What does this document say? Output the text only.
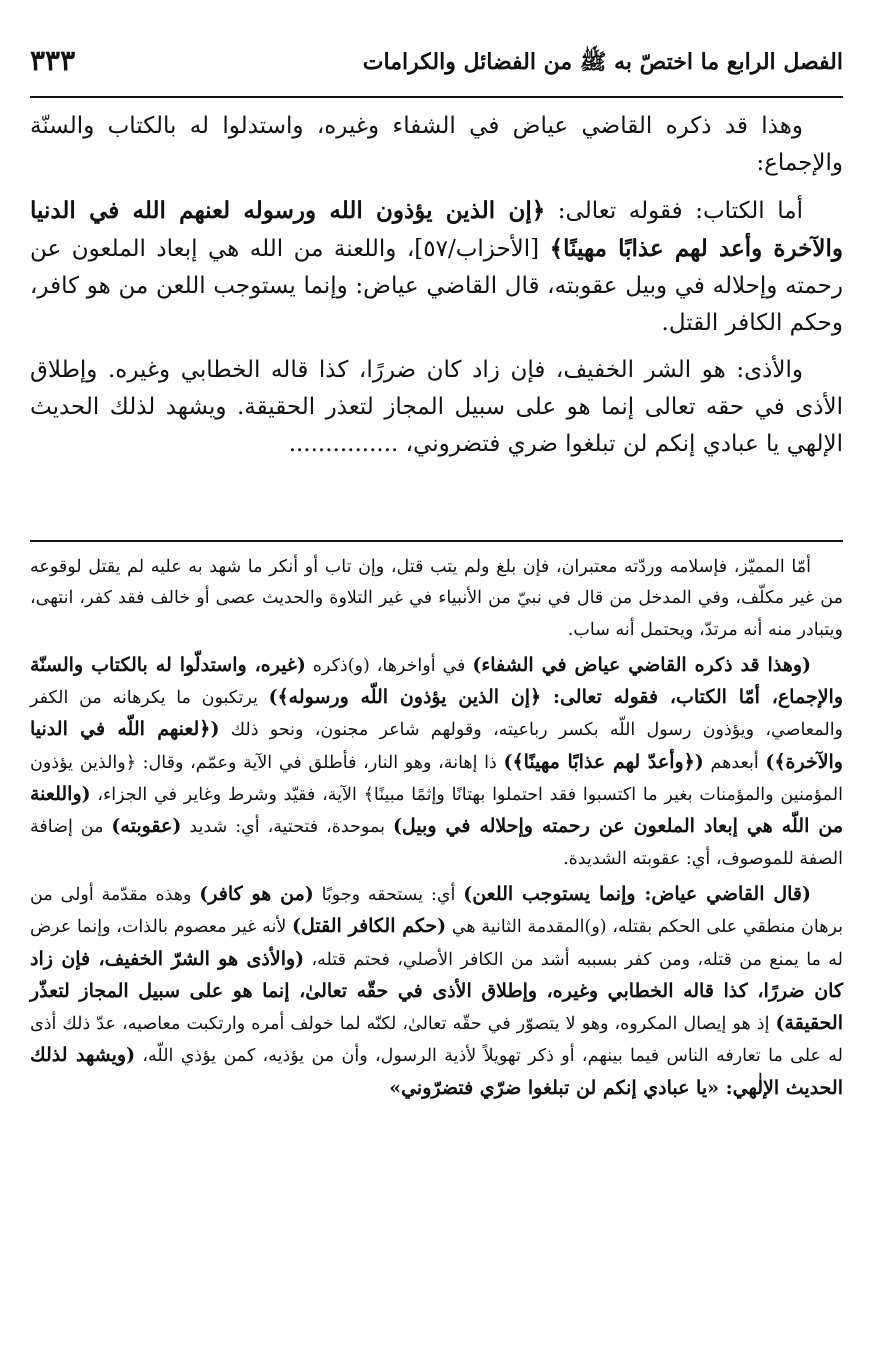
الفصل الرابع ما اختصّ به ﷺ من الفضائل والكرامات
٣٣٣

وهذا قد ذكره القاضي عياض في الشفاء وغيره، واستدلوا له بالكتاب والسنّة والإجماع:

أما الكتاب: فقوله تعالى: ﴿إن الذين يؤذون الله ورسوله لعنهم الله في الدنيا والآخرة وأعد لهم عذابًا مهينًا﴾ [الأحزاب/٥٧]، واللعنة من الله هي إبعاد الملعون عن رحمته وإحلاله في وبيل عقوبته، قال القاضي عياض: وإنما يستوجب اللعن من هو كافر، وحكم الكافر القتل.

والأذى: هو الشر الخفيف، فإن زاد كان ضررًا، كذا قاله الخطابي وغيره. وإطلاق الأذى في حقه تعالى إنما هو على سبيل المجاز لتعذر الحقيقة. ويشهد لذلك الحديث الإلهي يا عبادي إنكم لن تبلغوا ضري فتضروني، ...............

أمّا المميّز، فإسلامه وردّته معتبران، فإن بلغ ولم يتب قتل، وإن تاب أو أنكر ما شهد به عليه لم يقتل لوقوعه من غير مكلّف، وفي المدخل من قال في نبيّ من الأنبياء في غير التلاوة والحديث عصى أو خالف فقد كفر، انتهى، ويتبادر منه أنه مرتدّ، ويحتمل أنه ساب.

(وهذا قد ذكره القاضي عياض في الشفاء) في أواخرها، (و)ذكره (غيره، واستدلّوا له بالكتاب والسنّة والإجماع، أمّا الكتاب، فقوله تعالى: ﴿إن الذين يؤذون اللّه ورسوله﴾) يرتكبون ما يكرهانه من الكفر والمعاصي، ويؤذون رسول اللّه بكسر رباعيته، وقولهم شاعر مجنون، ونحو ذلك (﴿لعنهم اللّه في الدنيا والآخرة﴾) أبعدهم (﴿وأعدّ لهم عذابًا مهينًا﴾) ذا إهانة، وهو النار، فأطلق في الآية وعمّم، وقال: ﴿والذين يؤذون المؤمنين والمؤمنات بغير ما اكتسبوا فقد احتملوا بهتانًا وإثمًا مبينًا﴾ الآية، فقيّد وشرط وغاير في الجزاء، (واللعنة من اللّه هي إبعاد الملعون عن رحمته وإحلاله في وبيل) بموحدة، فتحتية، أي: شديد (عقوبته) من إضافة الصفة للموصوف، أي: عقوبته الشديدة.

(قال القاضي عياض: وإنما يستوجب اللعن) أي: يستحقه وجوبًا (من هو كافر) وهذه مقدّمة أولى من برهان منطقي على الحكم بقتله، (و)المقدمة الثانية هي (حكم الكافر القتل) لأنه غير معصوم بالذات، وإنما عرض له ما يمنع من قتله، ومن كفر بسببه أشد من الكافر الأصلي، فحتم قتله، (والأذى هو الشرّ الخفيف، فإن زاد كان ضررًا، كذا قاله الخطابي وغيره، وإطلاق الأذى في حقّه تعالىٰ، إنما هو على سبيل المجاز لتعذّر الحقيقة) إذ هو إيصال المكروه، وهو لا يتصوّر في حقّه تعالىٰ، لكنّه لما خولف أمره وارتكبت معاصيه، عدّ ذلك أذى له على ما تعارفه الناس فيما بينهم، أو ذكر تهويلاً لأذية الرسول، وأن من يؤذيه، كمن يؤذي اللّه، (ويشهد لذلك الحديث الإلٰهي: «يا عبادي إنكم لن تبلغوا ضرّي فتضرّوني»
